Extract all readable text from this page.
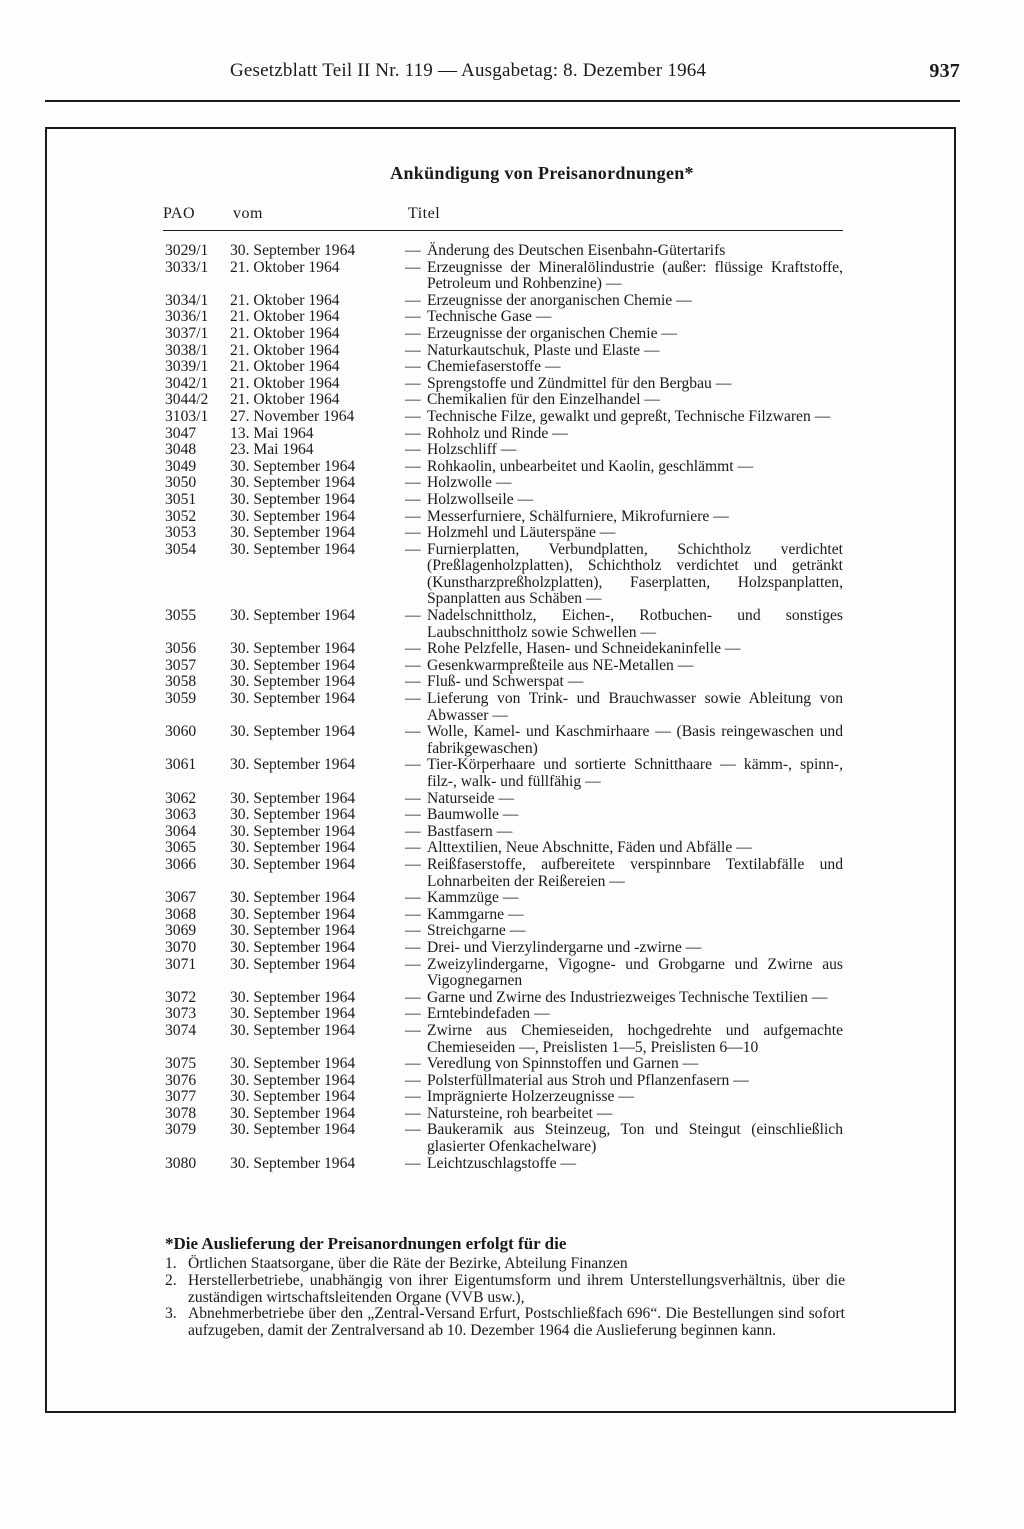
Gesetzblatt Teil II Nr. 119 — Ausgabetag: 8. Dezember 1964	937
Ankündigung von Preisanordnungen*
PAO vom	Titel
3029/1	30. September 1964	— Änderung des Deutschen Eisenbahn-Gütertarifs
3033/1	21. Oktober 1964	— Erzeugnisse der Mineralölindustrie (außer: flüssige Kraftstoffe, Petroleum und Rohbenzine) —
3034/1	21. Oktober 1964	— Erzeugnisse der anorganischen Chemie —
3036/1	21. Oktober 1964	— Technische Gase —
3037/1	21. Oktober 1964	— Erzeugnisse der organischen Chemie —
3038/1	21. Oktober 1964	— Naturkautschuk, Plaste und Elaste —
3039/1	21. Oktober 1964	— Chemiefaserstoffe —
3042/1	21. Oktober 1964	— Sprengstoffe und Zündmittel für den Bergbau —
3044/2	21. Oktober 1964	— Chemikalien für den Einzelhandel —
3103/1	27. November 1964	— Technische Filze, gewalkt und gepreßt, Technische Filzwaren —
3047	13. Mai 1964	— Rohholz und Rinde —
3048	23. Mai 1964	— Holzschliff —
3049	30. September 1964	— Rohkaolin, unbearbeitet und Kaolin, geschlämmt —
3050	30. September 1964	— Holzwolle —
3051	30. September 1964	— Holzwollseile —
3052	30. September 1964	— Messerfurniere, Schälfurniere, Mikrofurniere —
3053	30. September 1964	— Holzmehl und Läuterspäne —
3054	30. September 1964	— Furnierplatten, Verbundplatten, Schichtholz verdichtet (Preßlagenholzplatten), Schichtholz verdichtet und getränkt (Kunstharzpreßholzplatten), Faserplatten, Holzspanplatten, Spanplatten aus Schäben —
3055	30. September 1964	— Nadelschnittholz, Eichen-, Rotbuchen- und sonstiges Laubschnittholz sowie Schwellen —
3056	30. September 1964	— Rohe Pelzfelle, Hasen- und Schneidekaninfelle —
3057	30. September 1964	— Gesenkwarmpreßteile aus NE-Metallen —
3058	30. September 1964	— Fluß- und Schwerspat —
3059	30. September 1964	— Lieferung von Trink- und Brauchwasser sowie Ableitung von Abwasser —
3060	30. September 1964	— Wolle, Kamel- und Kaschmirhaare — (Basis reingewaschen und fabrikgewaschen)
3061	30. September 1964	— Tier-Körperhaare und sortierte Schnitthaare — kämm-, spinn-, filz-, walk- und füllfähig —
3062	30. September 1964	— Naturseide —
3063	30. September 1964	— Baumwolle —
3064	30. September 1964	— Bastfasern —
3065	30. September 1964	— Alttextilien, Neue Abschnitte, Fäden und Abfälle —
3066	30. September 1964	— Reißfaserstoffe, aufbereitete verspinnbare Textilabfälle und Lohnarbeiten der Reißereien —
3067	30. September 1964	— Kammzüge —
3068	30. September 1964	— Kammgarne —
3069	30. September 1964	— Streichgarne —
3070	30. September 1964	— Drei- und Vierzylindergarne und -zwirne —
3071	30. September 1964	— Zweizylindergarne, Vigogne- und Grobgarne und Zwirne aus Vigognegarnen
3072	30. September 1964	— Garne und Zwirne des Industriezweiges Technische Textilien —
3073	30. September 1964	— Erntebindefaden —
3074	30. September 1964	— Zwirne aus Chemieseiden, hochgedrehte und aufgemachte Chemieseiden —, Preislisten 1—5, Preislisten 6—10
3075	30. September 1964	— Veredlung von Spinnstoffen und Garnen —
3076	30. September 1964	— Polsterfüllmaterial aus Stroh und Pflanzenfasern —
3077	30. September 1964	— Imprägnierte Holzerzeugnisse —
3078	30. September 1964	— Natursteine, roh bearbeitet —
3079	30. September 1964	— Baukeramik aus Steinzeug, Ton und Steingut (einschließlich glasierter Ofenkachelware)
3080	30. September 1964	— Leichtzuschlagstoffe —
*Die Auslieferung der Preisanordnungen erfolgt für die
1. Örtlichen Staatsorgane, über die Räte der Bezirke, Abteilung Finanzen
2. Herstellerbetriebe, unabhängig von ihrer Eigentumsform und ihrem Unterstellungsverhältnis, über die zuständigen wirtschaftsleitenden Organe (VVB usw.),
3. Abnehmerbetriebe über den „Zentral-Versand Erfurt, Postschließfach 696“. Die Bestellungen sind sofort aufzugeben, damit der Zentralversand ab 10. Dezember 1964 die Auslieferung beginnen kann.
